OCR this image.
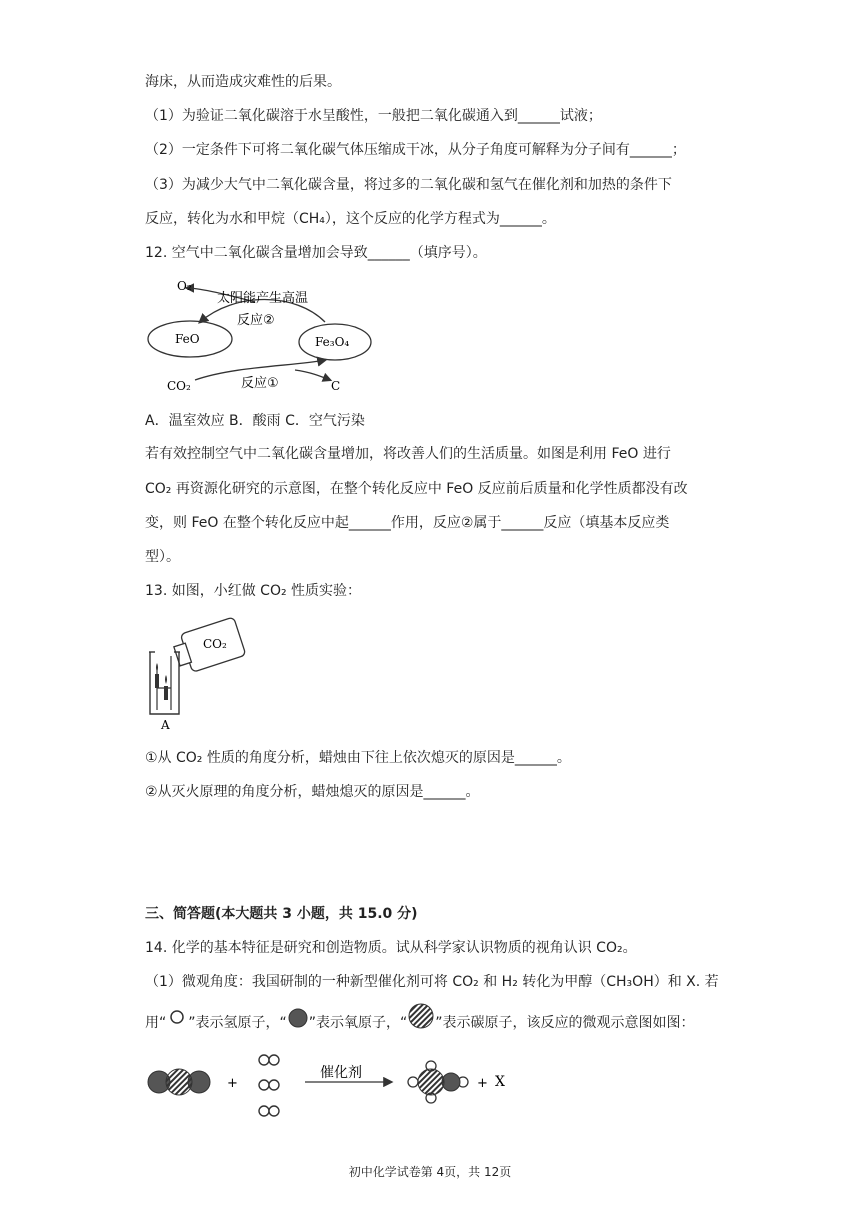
海床，从而造成灾难性的后果。
（1）为验证二氧化碳溶于水呈酸性，一般把二氧化碳通入到______试液；
（2）一定条件下可将二氧化碳气体压缩成干冰，从分子角度可解释为分子间有______；
（3）为减少大气中二氧化碳含量，将过多的二氧化碳和氢气在催化剂和加热的条件下
反应，转化为水和甲烷（CH₄），这个反应的化学方程式为______。
12. 空气中二氧化碳含量增加会导致______（填序号）。
O₂
太阳能产生高温
反应②
FeO	Fe₃O₄
CO₂	反应①	C
A．温室效应 B．酸雨 C．空气污染
若有效控制空气中二氧化碳含量增加，将改善人们的生活质量。如图是利用 FeO 进行
CO₂ 再资源化研究的示意图，在整个转化反应中 FeO 反应前后质量和化学性质都没有改
变，则 FeO 在整个转化反应中起______作用，反应②属于______反应（填基本反应类
型）。
13. 如图，小红做 CO₂ 性质实验：
CO₂
A
①从 CO₂ 性质的角度分析，蜡烛由下往上依次熄灭的原因是______。
②从灭火原理的角度分析，蜡烛熄灭的原因是______。
三、简答题(本大题共 3 小题，共 15.0 分)
14. 化学的基本特征是研究和创造物质。试从科学家认识物质的视角认识 CO₂。
（1）微观角度：我国研制的一种新型催化剂可将 CO₂ 和 H₂ 转化为甲醇（CH₃OH）和 X. 若
用“ ”表示氢原子，“ ”表示氧原子，“ ”表示碳原子，该反应的微观示意图如图：
+
催化剂
+ X
初中化学试卷第 4页，共 12页
